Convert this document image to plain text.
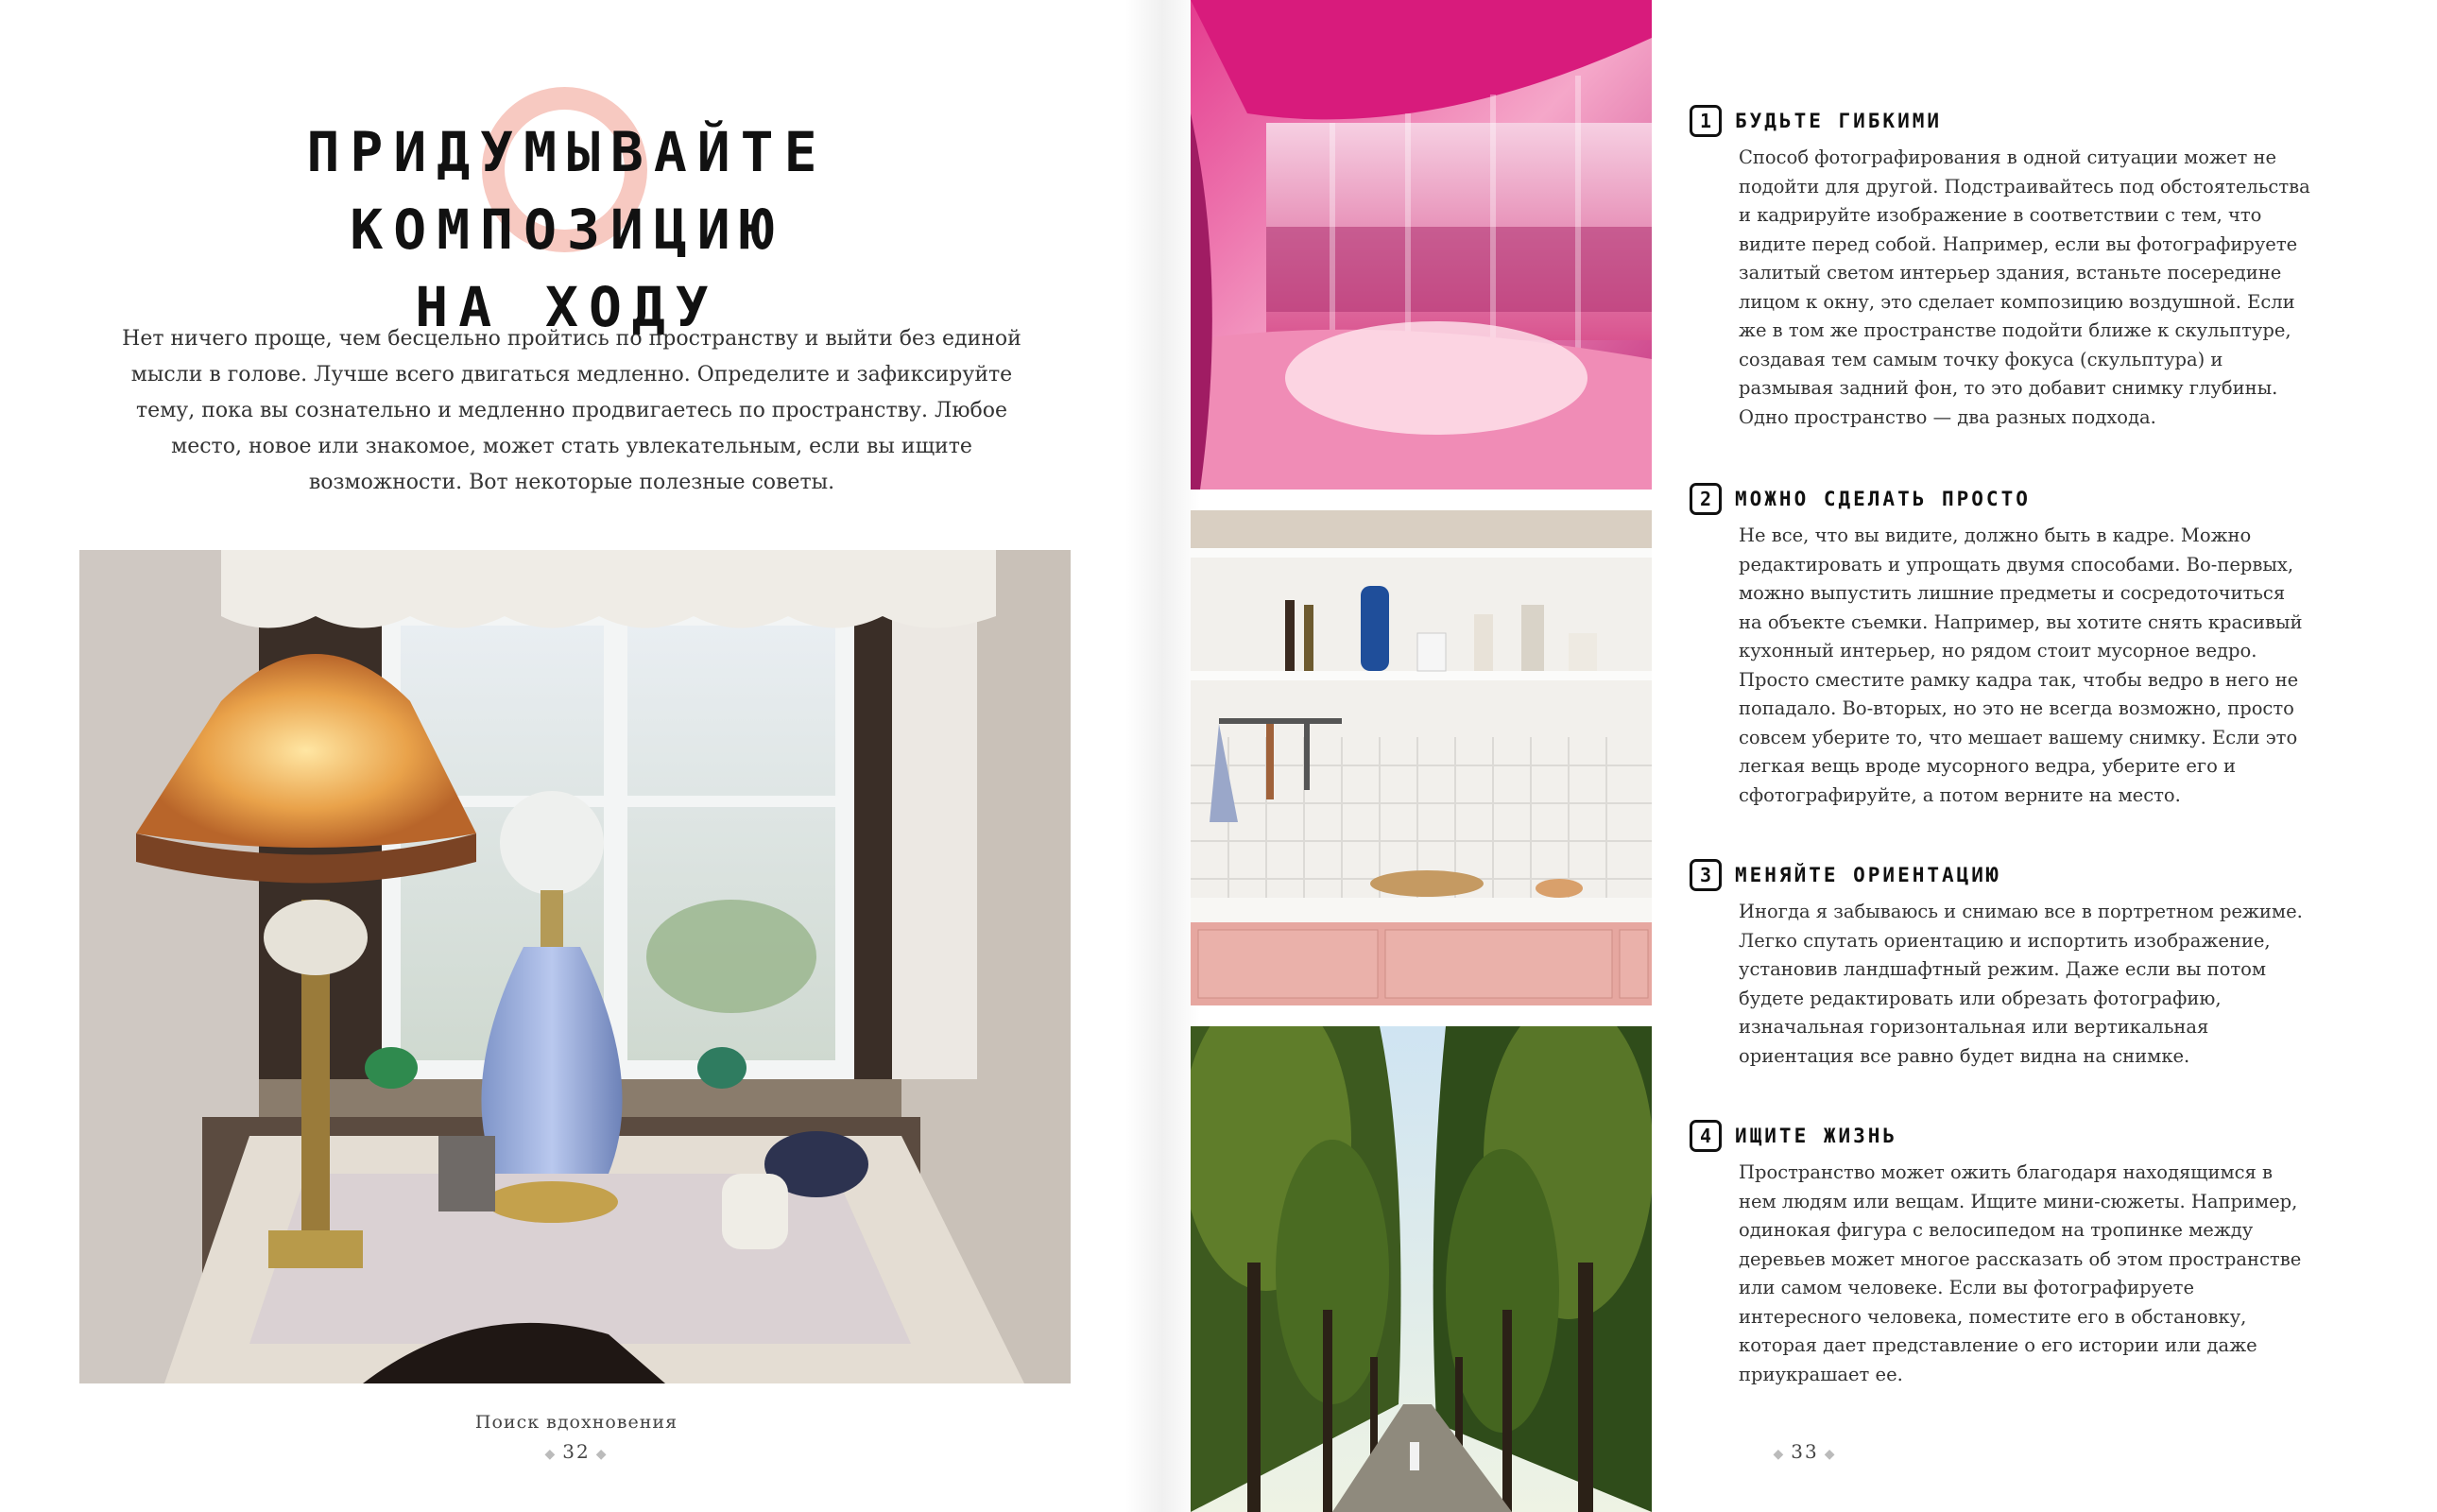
ПРИДУМЫВАЙТЕ КОМПОЗИЦИЮ
НА ХОДУ

Нет ничего проще, чем бесцельно пройтись по пространству и выйти без единой мысли в голове. Лучше всего двигаться медленно. Определите и зафиксируйте тему, пока вы сознательно и медленно продвигаетесь по пространству. Любое место, новое или знакомое, может стать увлекательным, если вы ищите возможности. Вот некоторые полезные советы.

Поиск вдохновения

◆ 32 ◆
1	БУДЬТЕ ГИБКИМИ
Способ фотографирования в одной ситуации может не подойти для другой. Подстраивайтесь под обстоятельства и кадрируйте изображение в соответствии с тем, что видите перед собой. Например, если вы фотографируете залитый светом интерьер здания, встаньте посередине лицом к окну, это сделает композицию воздушной. Если же в том же пространстве подойти ближе к скульптуре, создавая тем самым точку фокуса (скульптура) и размывая задний фон, то это добавит снимку глубины. Одно пространство — два разных подхода.
2	МОЖНО СДЕЛАТЬ ПРОСТО
Не все, что вы видите, должно быть в кадре. Можно редактировать и упрощать двумя способами. Во-первых, можно выпустить лишние предметы и сосредоточиться на объекте съемки. Например, вы хотите снять красивый кухонный интерьер, но рядом стоит мусорное ведро. Просто сместите рамку кадра так, чтобы ведро в него не попадало. Во-вторых, но это не всегда возможно, просто совсем уберите то, что мешает вашему снимку. Если это легкая вещь вроде мусорного ведра, уберите его и сфотографируйте, а потом верните на место.
3	МЕНЯЙТЕ ОРИЕНТАЦИЮ
Иногда я забываюсь и снимаю все в портретном режиме. Легко спутать ориентацию и испортить изображение, установив ландшафтный режим. Даже если вы потом будете редактировать или обрезать фотографию, изначальная горизонтальная или вертикальная ориентация все равно будет видна на снимке.
4	ИЩИТЕ ЖИЗНЬ
Пространство может ожить благодаря находящимся в нем людям или вещам. Ищите мини-сюжеты. Например, одинокая фигура с велосипедом на тропинке между деревьев может многое рассказать об этом пространстве или самом человеке. Если вы фотографируете интересного человека, поместите его в обстановку, которая дает представление о его истории или даже приукрашает ее.
◆ 33 ◆
